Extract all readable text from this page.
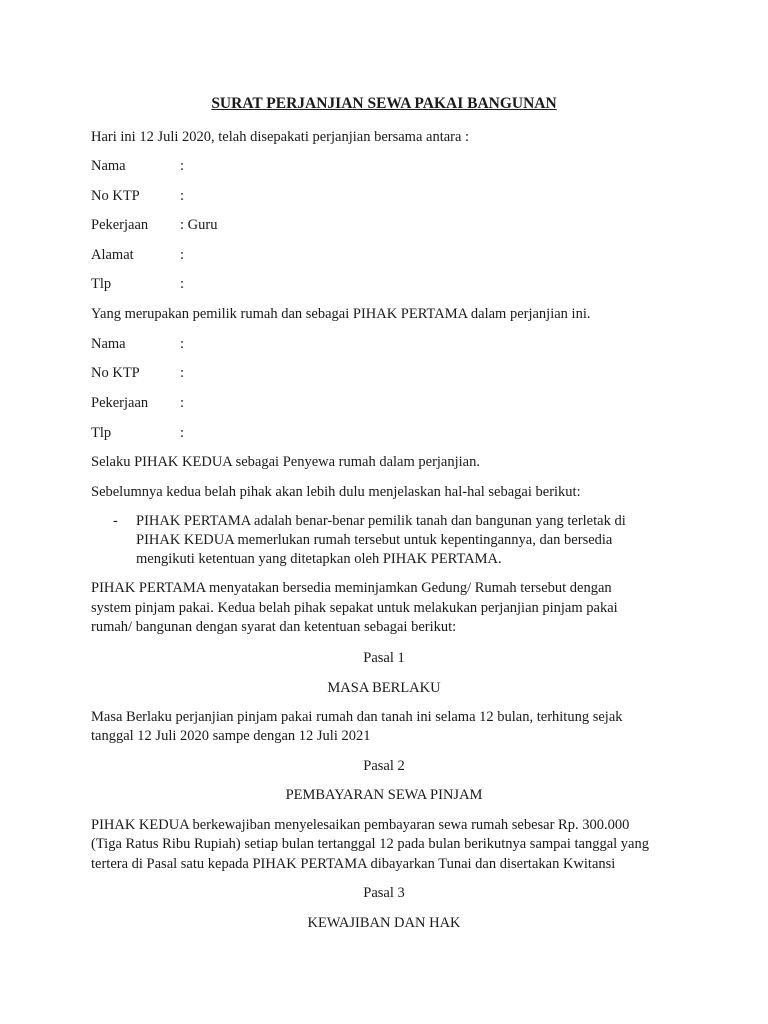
SURAT PERJANJIAN SEWA PAKAI BANGUNAN
Hari ini 12 Juli 2020, telah disepakati perjanjian bersama antara :
Nama	:
No KTP	:
Pekerjaan : Guru
Alamat	:
Tlp	:
Yang merupakan pemilik rumah dan sebagai PIHAK PERTAMA dalam perjanjian ini.
Nama	:
No KTP	:
Pekerjaan :
Tlp	:
Selaku PIHAK KEDUA sebagai Penyewa rumah dalam perjanjian.
Sebelumnya kedua belah pihak akan lebih dulu menjelaskan hal-hal sebagai berikut:
- PIHAK PERTAMA adalah benar-benar pemilik tanah dan bangunan yang terletak di
PIHAK KEDUA memerlukan rumah tersebut untuk kepentingannya, dan bersedia
mengikuti ketentuan yang ditetapkan oleh PIHAK PERTAMA.
PIHAK PERTAMA menyatakan bersedia meminjamkan Gedung/ Rumah tersebut dengan
system pinjam pakai. Kedua belah pihak sepakat untuk melakukan perjanjian pinjam pakai
rumah/ bangunan dengan syarat dan ketentuan sebagai berikut:
Pasal 1
MASA BERLAKU
Masa Berlaku perjanjian pinjam pakai rumah dan tanah ini selama 12 bulan, terhitung sejak
tanggal 12 Juli 2020 sampe dengan 12 Juli 2021
Pasal 2
PEMBAYARAN SEWA PINJAM
PIHAK KEDUA berkewajiban menyelesaikan pembayaran sewa rumah sebesar Rp. 300.000
(Tiga Ratus Ribu Rupiah) setiap bulan tertanggal 12 pada bulan berikutnya sampai tanggal yang
tertera di Pasal satu kepada PIHAK PERTAMA dibayarkan Tunai dan disertakan Kwitansi
Pasal 3
KEWAJIBAN DAN HAK
